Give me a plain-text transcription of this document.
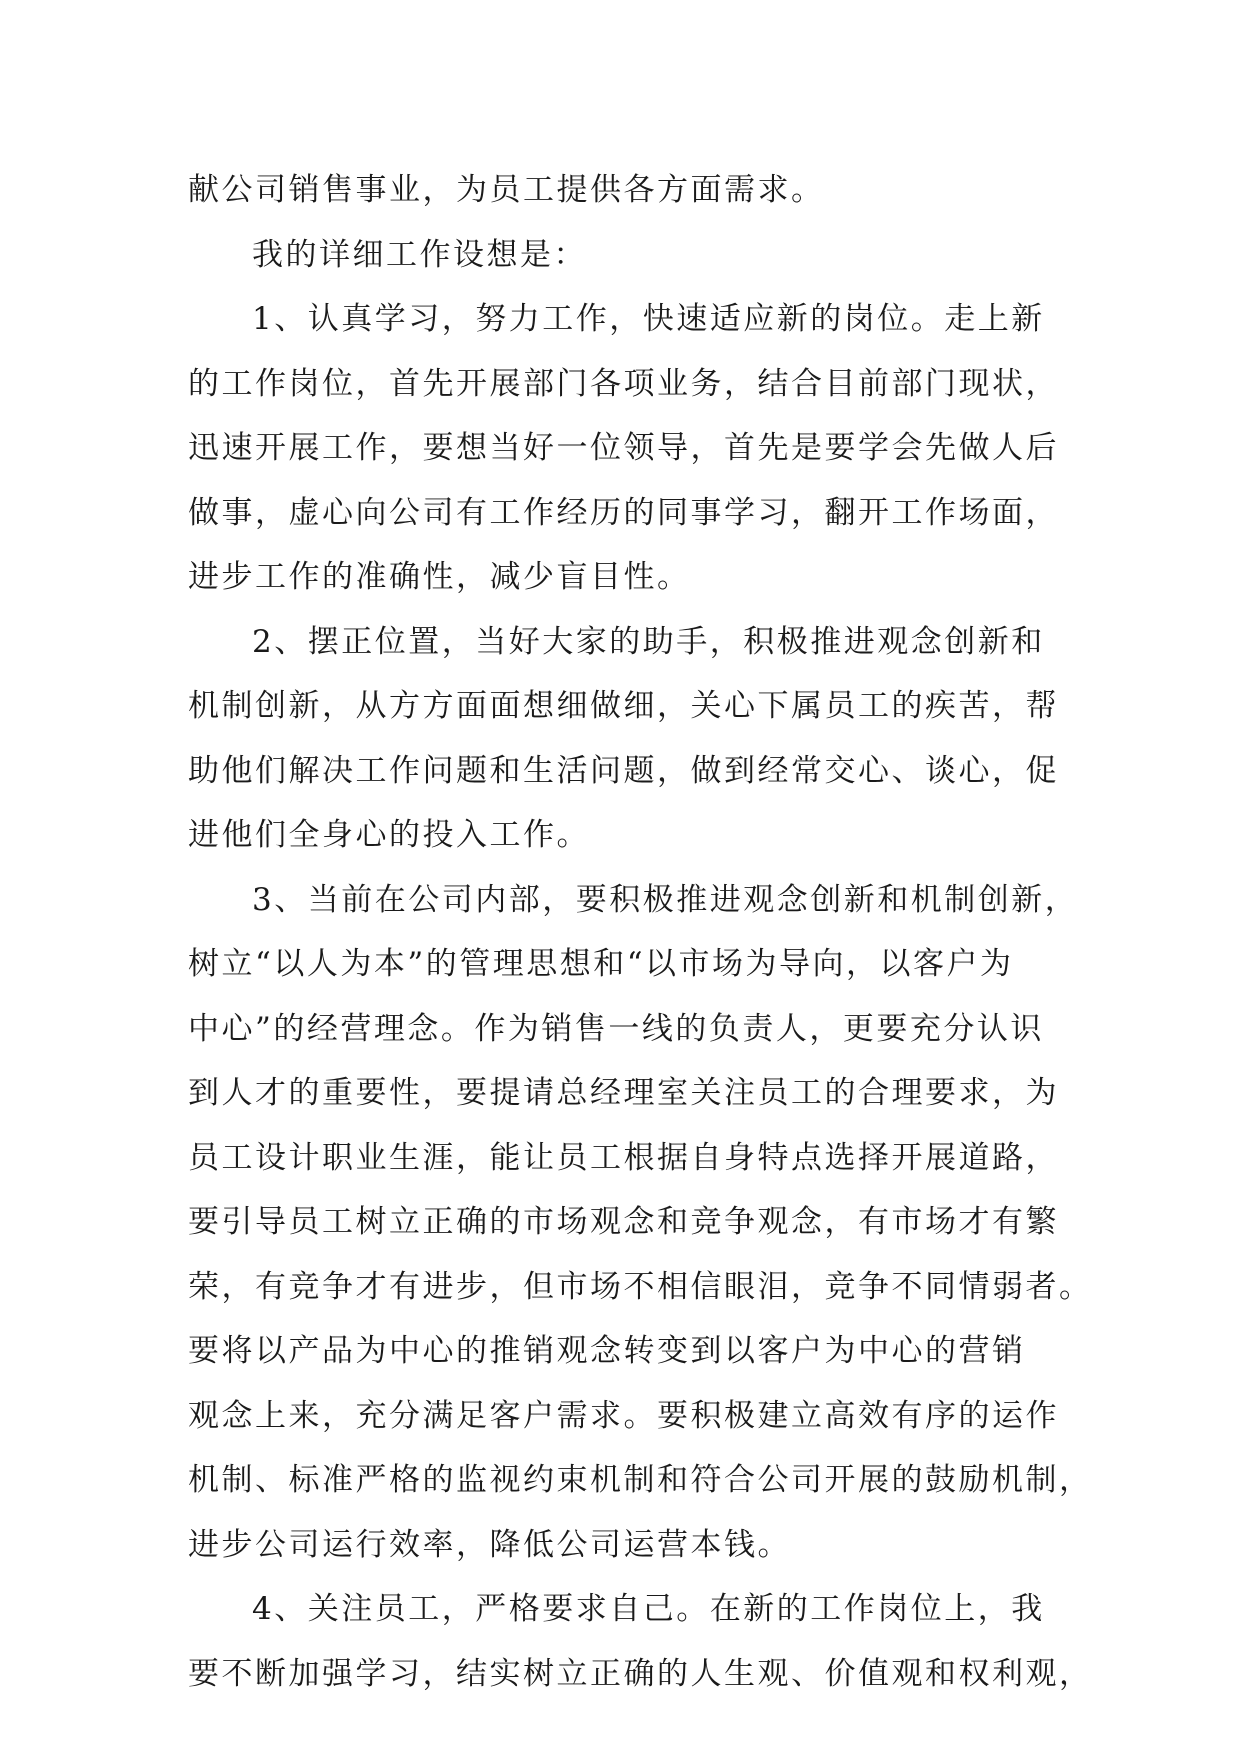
献公司销售事业，为员工提供各方面需求。
我的详细工作设想是：
1、认真学习，努力工作，快速适应新的岗位。走上新
的工作岗位，首先开展部门各项业务，结合目前部门现状，
迅速开展工作，要想当好一位领导，首先是要学会先做人后
做事，虚心向公司有工作经历的同事学习，翻开工作场面，
进步工作的准确性，减少盲目性。
2、摆正位置，当好大家的助手，积极推进观念创新和
机制创新，从方方面面想细做细，关心下属员工的疾苦，帮
助他们解决工作问题和生活问题，做到经常交心、谈心，促
进他们全身心的投入工作。
3、当前在公司内部，要积极推进观念创新和机制创新，
树立“以人为本”的管理思想和“以市场为导向，以客户为
中心”的经营理念。作为销售一线的负责人，更要充分认识
到人才的重要性，要提请总经理室关注员工的合理要求，为
员工设计职业生涯，能让员工根据自身特点选择开展道路，
要引导员工树立正确的市场观念和竞争观念，有市场才有繁
荣，有竞争才有进步，但市场不相信眼泪，竞争不同情弱者。
要将以产品为中心的推销观念转变到以客户为中心的营销
观念上来，充分满足客户需求。要积极建立高效有序的运作
机制、标准严格的监视约束机制和符合公司开展的鼓励机制，
进步公司运行效率，降低公司运营本钱。
4、关注员工，严格要求自己。在新的工作岗位上，我
要不断加强学习，结实树立正确的人生观、价值观和权利观，
